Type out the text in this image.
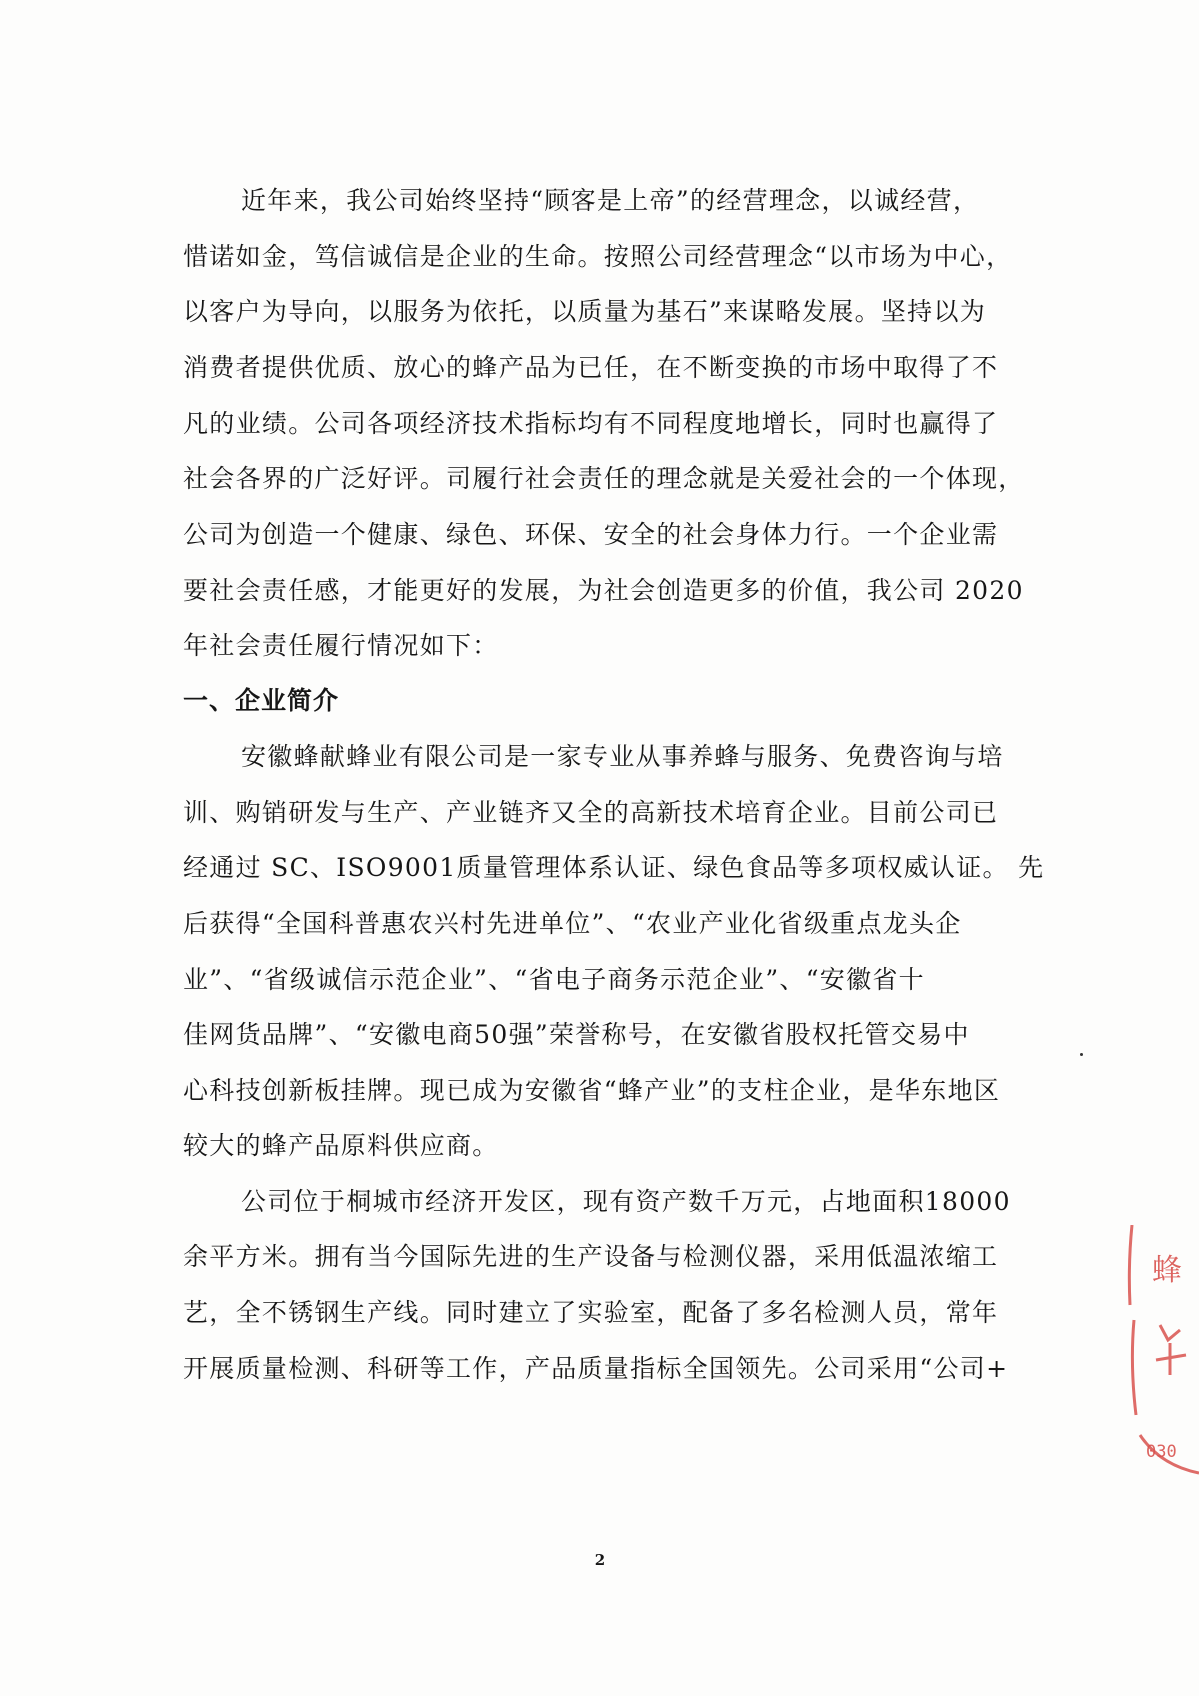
近年来，我公司始终坚持“顾客是上帝”的经营理念，以诚经营，
惜诺如金，笃信诚信是企业的生命。按照公司经营理念“以市场为中心，
以客户为导向，以服务为依托，以质量为基石”来谋略发展。坚持以为
消费者提供优质、放心的蜂产品为已任，在不断变换的市场中取得了不
凡的业绩。公司各项经济技术指标均有不同程度地增长，同时也赢得了
社会各界的广泛好评。司履行社会责任的理念就是关爱社会的一个体现，
公司为创造一个健康、绿色、环保、安全的社会身体力行。一个企业需
要社会责任感，才能更好的发展，为社会创造更多的价值，我公司 2020
年社会责任履行情况如下：
一、企业简介
安徽蜂献蜂业有限公司是一家专业从事养蜂与服务、免费咨询与培
训、购销研发与生产、产业链齐又全的高新技术培育企业。目前公司已
经通过 SC、ISO9001质量管理体系认证、绿色食品等多项权威认证。 先
后获得“全国科普惠农兴村先进单位”、“农业产业化省级重点龙头企
业”、“省级诚信示范企业”、“省电子商务示范企业”、“安徽省十
佳网货品牌”、“安徽电商50强”荣誉称号，在安徽省股权托管交易中
心科技创新板挂牌。现已成为安徽省“蜂产业”的支柱企业，是华东地区
较大的蜂产品原料供应商。
公司位于桐城市经济开发区，现有资产数千万元，占地面积18000
余平方米。拥有当今国际先进的生产设备与检测仪器，采用低温浓缩工
艺，全不锈钢生产线。同时建立了实验室，配备了多名检测人员，常年
开展质量检测、科研等工作，产品质量指标全国领先。公司采用“公司+
蜂
030
2
